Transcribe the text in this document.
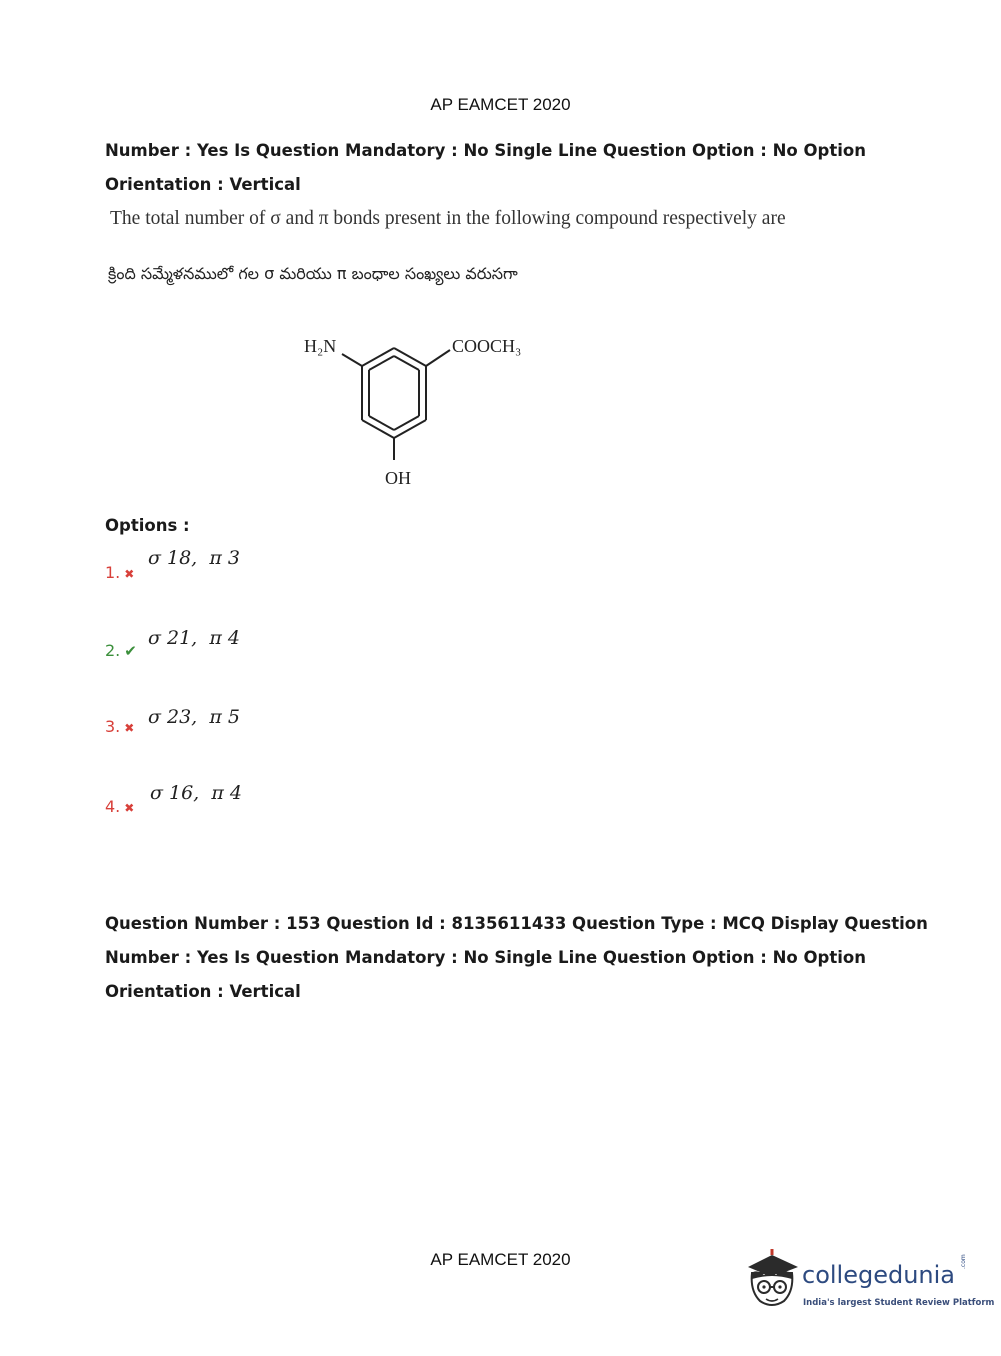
AP EAMCET 2020
Number : Yes Is Question Mandatory : No Single Line Question Option : No Option
Orientation : Vertical
The total number of σ and π bonds present in the following compound respectively are
క్రింది సమ్మేళనములో గల σ మరియు π బంధాల సంఖ్యలు వరుసగా
H₂N	COOCH₃
OH
Options :
1. ✖
σ 18, π 3
2. ✔
σ 21, π 4
3. ✖ σ 23, π 5
4. ✖
σ 16, π 4
Question Number : 153 Question Id : 8135611433 Question Type : MCQ Display Question
Number : Yes Is Question Mandatory : No Single Line Question Option : No Option
Orientation : Vertical
AP EAMCET 2020
collegedunia .com
India's largest Student Review Platform
